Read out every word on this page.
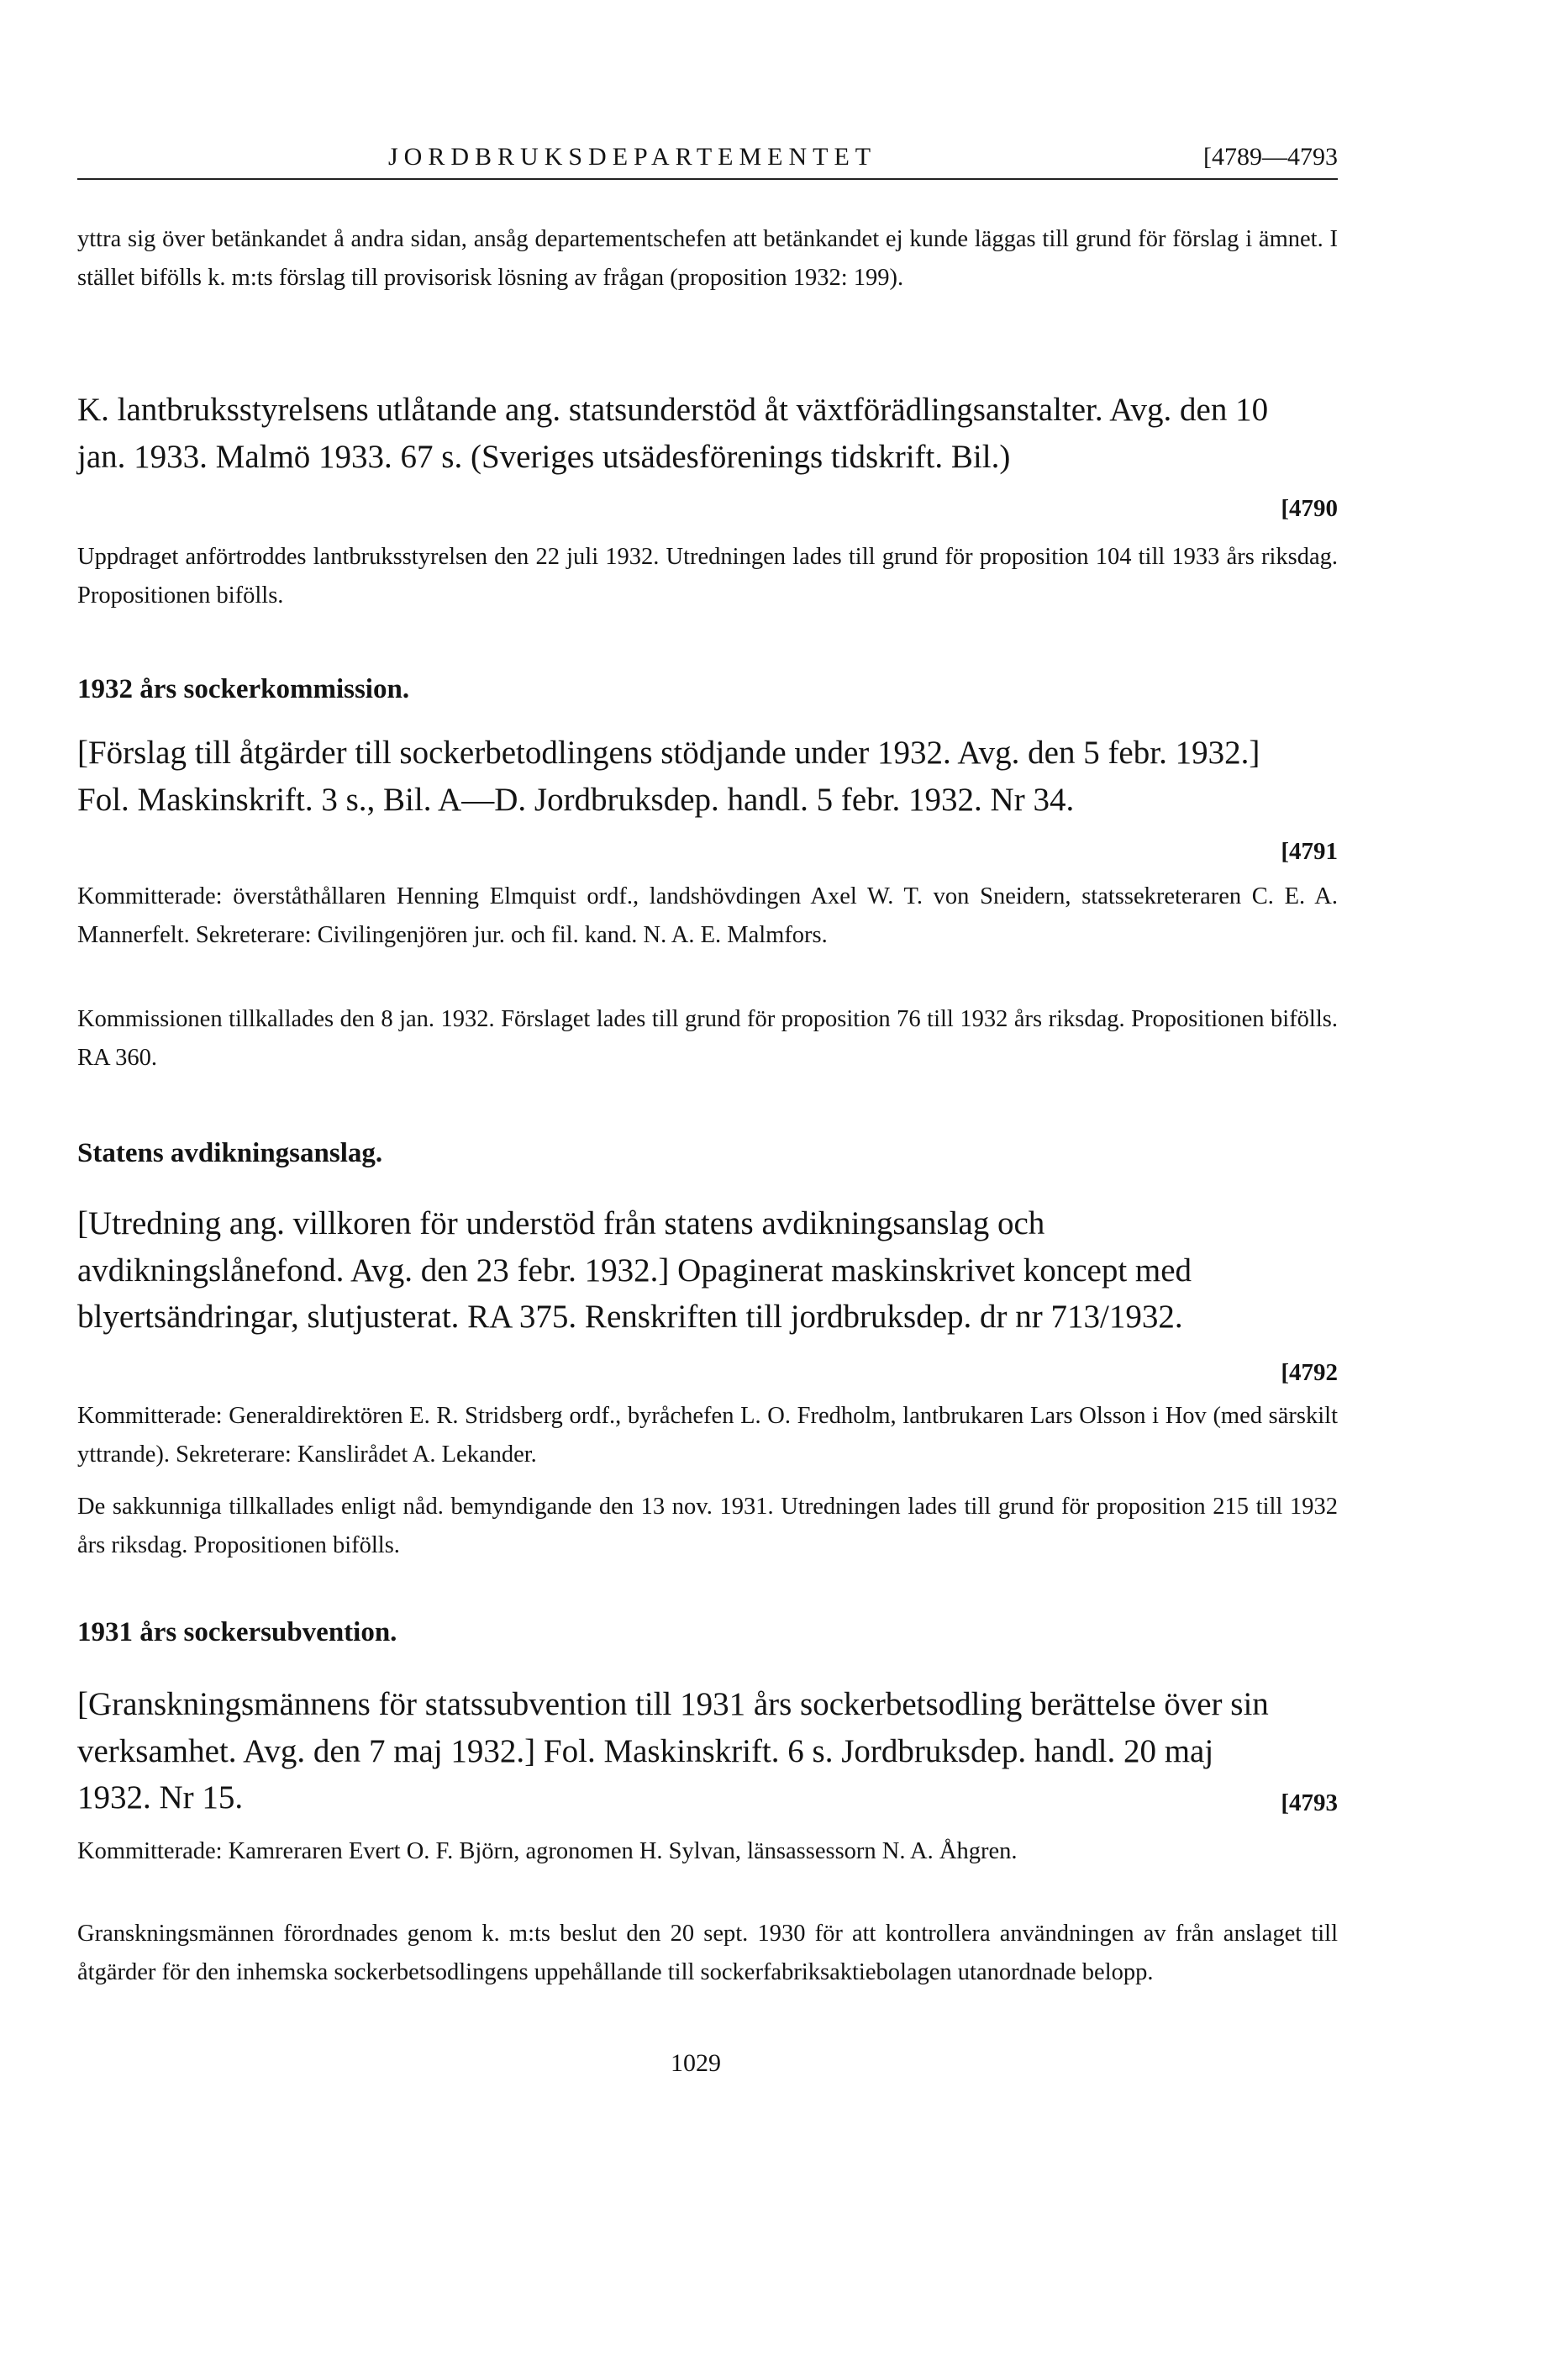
JORDBRUKSDEPARTEMENTET	[4789—4793

yttra sig över betänkandet å andra sidan, ansåg departementschefen att betänkandet ej kunde läggas till grund för förslag i ämnet. I stället bifölls k. m:ts förslag till provisorisk lösning av frågan (proposition 1932: 199).

[4790
K. lantbruksstyrelsens utlåtande ang. statsunderstöd åt växtförädlingsanstalter. Avg. den 10 jan. 1933. Malmö 1933. 67 s. (Sveriges utsädesförenings tidskrift. Bil.)

Uppdraget anförtroddes lantbruksstyrelsen den 22 juli 1932. Utredningen lades till grund för proposition 104 till 1933 års riksdag. Propositionen bifölls.

1932 års sockerkommission.

[4791
[Förslag till åtgärder till sockerbetodlingens stödjande under 1932. Avg. den 5 febr. 1932.] Fol. Maskinskrift. 3 s., Bil. A—D. Jordbruksdep. handl. 5 febr. 1932. Nr 34.

Kommitterade: överståthållaren Henning Elmquist ordf., landshövdingen Axel W. T. von Sneidern, statssekreteraren C. E. A. Mannerfelt. Sekreterare: Civilingenjören jur. och fil. kand. N. A. E. Malmfors.

Kommissionen tillkallades den 8 jan. 1932. Förslaget lades till grund för proposition 76 till 1932 års riksdag. Propositionen bifölls. RA 360.

Statens avdikningsanslag.

[4792
[Utredning ang. villkoren för understöd från statens avdikningsanslag och avdikningslånefond. Avg. den 23 febr. 1932.] Opaginerat maskinskrivet koncept med blyertsändringar, slutjusterat. RA 375. Renskriften till jordbruksdep. dr nr 713/1932.

Kommitterade: Generaldirektören E. R. Stridsberg ordf., byråchefen L. O. Fredholm, lantbrukaren Lars Olsson i Hov (med särskilt yttrande). Sekreterare: Kanslirådet A. Lekander.

De sakkunniga tillkallades enligt nåd. bemyndigande den 13 nov. 1931. Utredningen lades till grund för proposition 215 till 1932 års riksdag. Propositionen bifölls.

1931 års sockersubvention.

[4793
[Granskningsmännens för statssubvention till 1931 års sockerbetsodling berättelse över sin verksamhet. Avg. den 7 maj 1932.] Fol. Maskinskrift. 6 s. Jordbruksdep. handl. 20 maj 1932. Nr 15.

Kommitterade: Kamreraren Evert O. F. Björn, agronomen H. Sylvan, länsassessorn N. A. Åhgren.

Granskningsmännen förordnades genom k. m:ts beslut den 20 sept. 1930 för att kontrollera användningen av från anslaget till åtgärder för den inhemska sockerbetsodlingens uppehållande till sockerfabriksaktiebolagen utanordnade belopp.

1029
